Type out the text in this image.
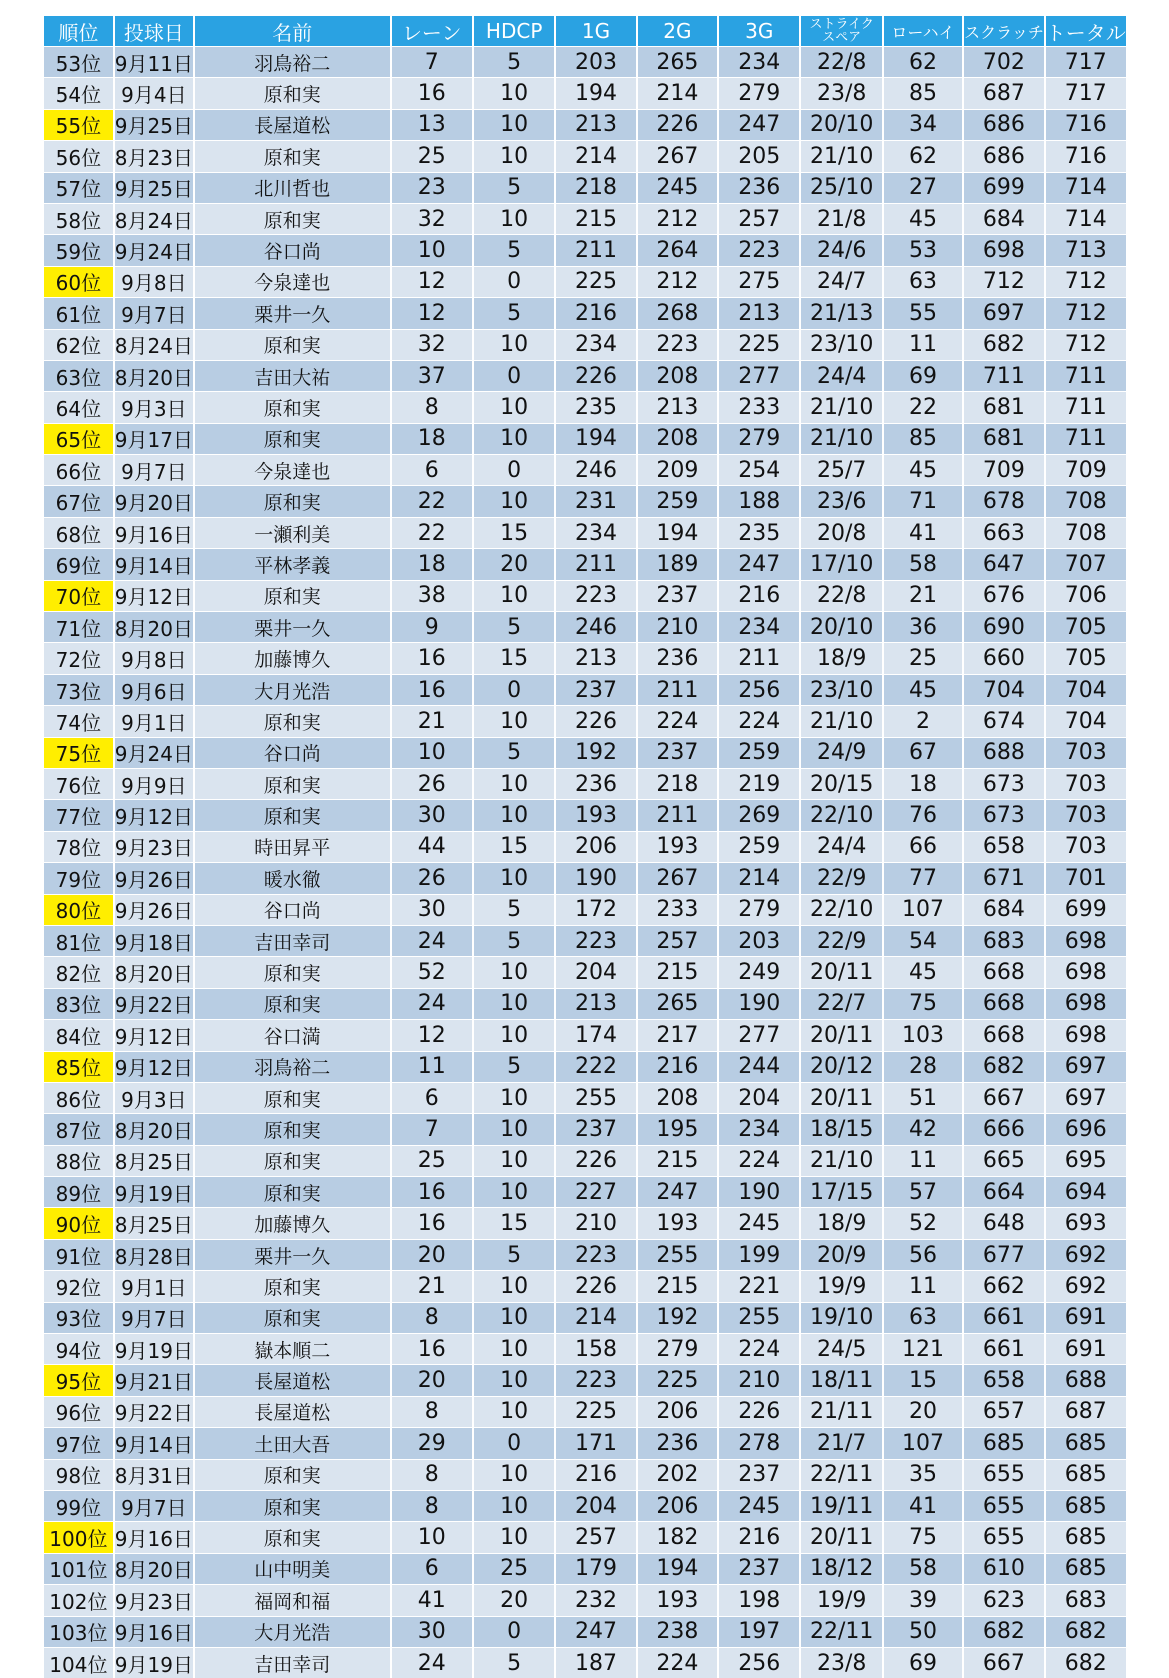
順位	投球日	名前	レーン	HDCP	1G	2G	3G	ストライク
スペア	ローハイ	スクラッチ	トータル
53位	9月11日	羽鳥裕二	7	5	203	265	234	22/8	62	702	717
54位	9月4日	原和実	16	10	194	214	279	23/8	85	687	717
55位	9月25日	長屋道松	13	10	213	226	247	20/10	34	686	716
56位	8月23日	原和実	25	10	214	267	205	21/10	62	686	716
57位	9月25日	北川哲也	23	5	218	245	236	25/10	27	699	714
58位	8月24日	原和実	32	10	215	212	257	21/8	45	684	714
59位	9月24日	谷口尚	10	5	211	264	223	24/6	53	698	713
60位	9月8日	今泉達也	12	0	225	212	275	24/7	63	712	712
61位	9月7日	栗井一久	12	5	216	268	213	21/13	55	697	712
62位	8月24日	原和実	32	10	234	223	225	23/10	11	682	712
63位	8月20日	吉田大祐	37	0	226	208	277	24/4	69	711	711
64位	9月3日	原和実	8	10	235	213	233	21/10	22	681	711
65位	9月17日	原和実	18	10	194	208	279	21/10	85	681	711
66位	9月7日	今泉達也	6	0	246	209	254	25/7	45	709	709
67位	9月20日	原和実	22	10	231	259	188	23/6	71	678	708
68位	9月16日	一瀬利美	22	15	234	194	235	20/8	41	663	708
69位	9月14日	平林孝義	18	20	211	189	247	17/10	58	647	707
70位	9月12日	原和実	38	10	223	237	216	22/8	21	676	706
71位	8月20日	栗井一久	9	5	246	210	234	20/10	36	690	705
72位	9月8日	加藤博久	16	15	213	236	211	18/9	25	660	705
73位	9月6日	大月光浩	16	0	237	211	256	23/10	45	704	704
74位	9月1日	原和実	21	10	226	224	224	21/10	2	674	704
75位	9月24日	谷口尚	10	5	192	237	259	24/9	67	688	703
76位	9月9日	原和実	26	10	236	218	219	20/15	18	673	703
77位	9月12日	原和実	30	10	193	211	269	22/10	76	673	703
78位	9月23日	時田昇平	44	15	206	193	259	24/4	66	658	703
79位	9月26日	暖水徹	26	10	190	267	214	22/9	77	671	701
80位	9月26日	谷口尚	30	5	172	233	279	22/10	107	684	699
81位	9月18日	吉田幸司	24	5	223	257	203	22/9	54	683	698
82位	8月20日	原和実	52	10	204	215	249	20/11	45	668	698
83位	9月22日	原和実	24	10	213	265	190	22/7	75	668	698
84位	9月12日	谷口満	12	10	174	217	277	20/11	103	668	698
85位	9月12日	羽鳥裕二	11	5	222	216	244	20/12	28	682	697
86位	9月3日	原和実	6	10	255	208	204	20/11	51	667	697
87位	8月20日	原和実	7	10	237	195	234	18/15	42	666	696
88位	8月25日	原和実	25	10	226	215	224	21/10	11	665	695
89位	9月19日	原和実	16	10	227	247	190	17/15	57	664	694
90位	8月25日	加藤博久	16	15	210	193	245	18/9	52	648	693
91位	8月28日	栗井一久	20	5	223	255	199	20/9	56	677	692
92位	9月1日	原和実	21	10	226	215	221	19/9	11	662	692
93位	9月7日	原和実	8	10	214	192	255	19/10	63	661	691
94位	9月19日	嶽本順二	16	10	158	279	224	24/5	121	661	691
95位	9月21日	長屋道松	20	10	223	225	210	18/11	15	658	688
96位	9月22日	長屋道松	8	10	225	206	226	21/11	20	657	687
97位	9月14日	土田大吾	29	0	171	236	278	21/7	107	685	685
98位	8月31日	原和実	8	10	216	202	237	22/11	35	655	685
99位	9月7日	原和実	8	10	204	206	245	19/11	41	655	685
100位	9月16日	原和実	10	10	257	182	216	20/11	75	655	685
101位	8月20日	山中明美	6	25	179	194	237	18/12	58	610	685
102位	9月23日	福岡和福	41	20	232	193	198	19/9	39	623	683
103位	9月16日	大月光浩	30	0	247	238	197	22/11	50	682	682
104位	9月19日	吉田幸司	24	5	187	224	256	23/8	69	667	682
